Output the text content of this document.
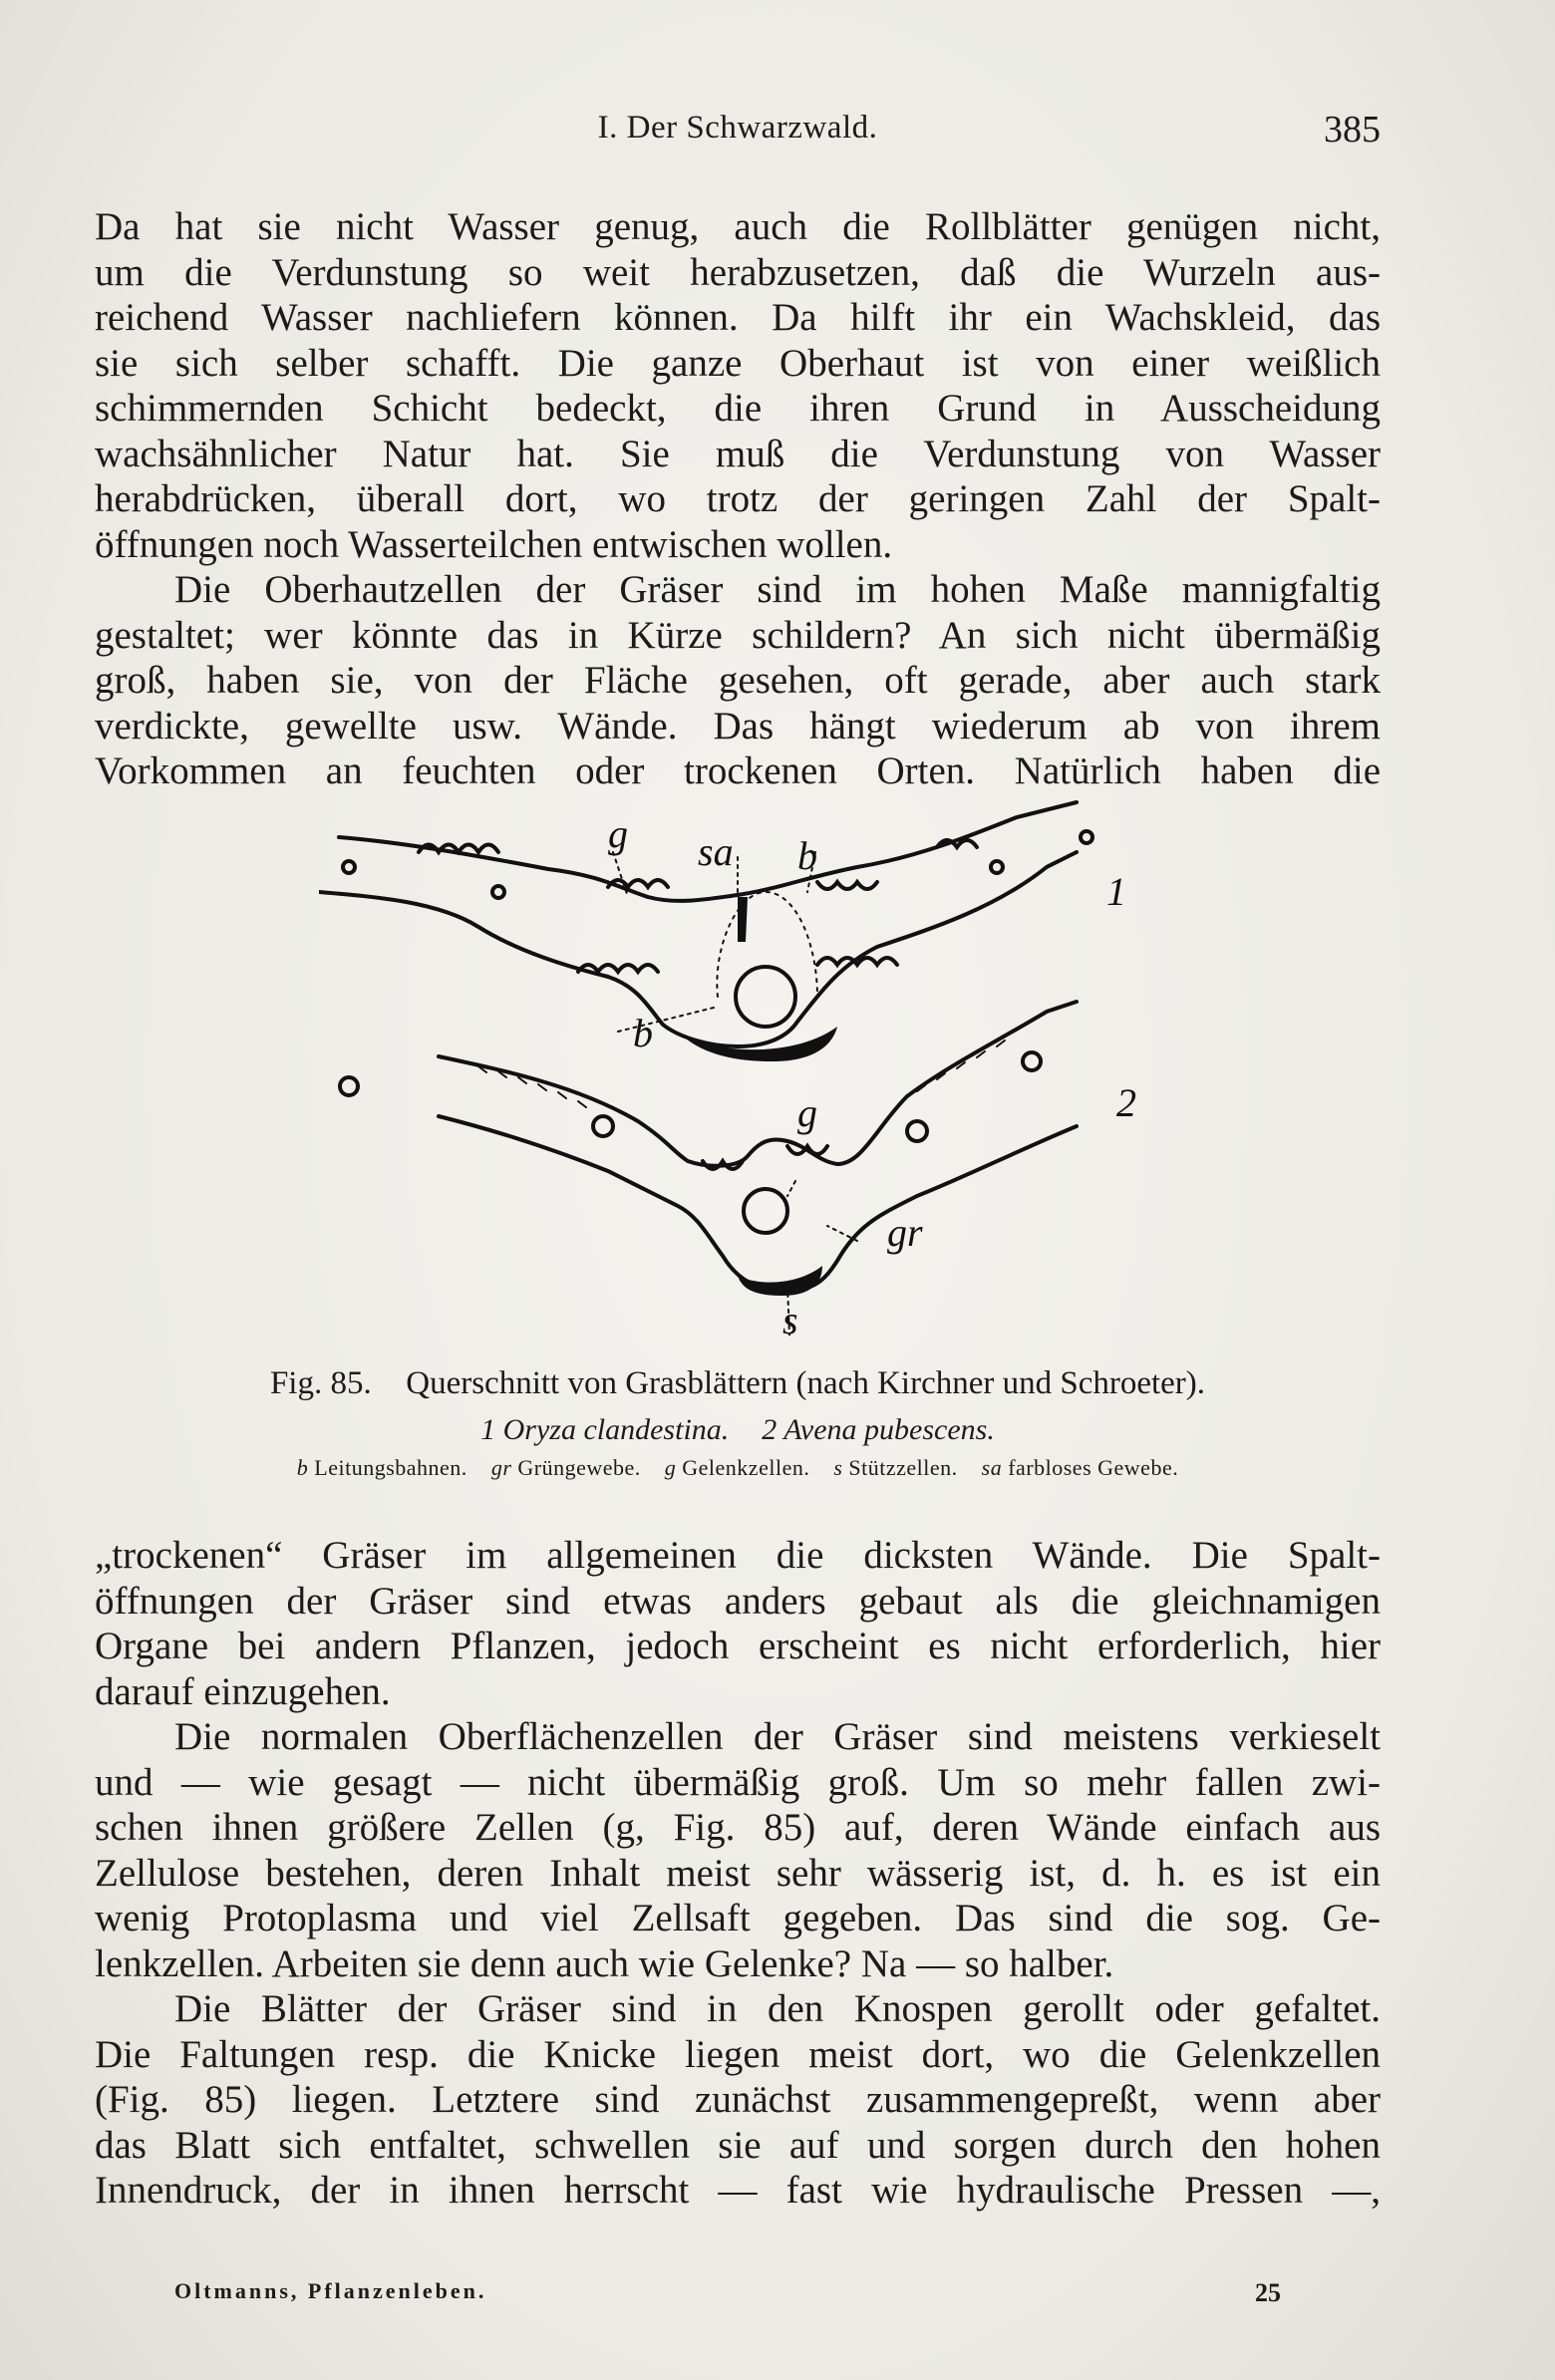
I. Der Schwarzwald.	385

Da hat sie nicht Wasser genug, auch die Rollblätter genügen nicht,
um die Verdunstung so weit herabzusetzen, daß die Wurzeln aus-
reichend Wasser nachliefern können. Da hilft ihr ein Wachskleid, das
sie sich selber schafft. Die ganze Oberhaut ist von einer weißlich
schimmernden Schicht bedeckt, die ihren Grund in Ausscheidung
wachsähnlicher Natur hat. Sie muß die Verdunstung von Wasser
herabdrücken, überall dort, wo trotz der geringen Zahl der Spalt-
öffnungen noch Wasserteilchen entwischen wollen.

Die Oberhautzellen der Gräser sind im hohen Maße mannigfaltig
gestaltet; wer könnte das in Kürze schildern? An sich nicht übermäßig
groß, haben sie, von der Fläche gesehen, oft gerade, aber auch stark
verdickte, gewellte usw. Wände. Das hängt wiederum ab von ihrem
Vorkommen an feuchten oder trockenen Orten. Natürlich haben die

g sa b
1
b
g	2
gr
s
Fig. 85. Querschnitt von Grasblättern (nach Kirchner und Schroeter).
1 Oryza clandestina. 2 Avena pubescens.
b Leitungsbahnen. gr Grüngewebe. g Gelenkzellen. s Stützzellen. sa farbloses Gewebe.

„trockenen“ Gräser im allgemeinen die dicksten Wände. Die Spalt-
öffnungen der Gräser sind etwas anders gebaut als die gleichnamigen
Organe bei andern Pflanzen, jedoch erscheint es nicht erforderlich, hier
darauf einzugehen.

Die normalen Oberflächenzellen der Gräser sind meistens verkieselt
und — wie gesagt — nicht übermäßig groß. Um so mehr fallen zwi-
schen ihnen größere Zellen (g, Fig. 85) auf, deren Wände einfach aus
Zellulose bestehen, deren Inhalt meist sehr wässerig ist, d. h. es ist ein
wenig Protoplasma und viel Zellsaft gegeben. Das sind die sog. Ge-
lenkzellen. Arbeiten sie denn auch wie Gelenke? Na — so halber.

Die Blätter der Gräser sind in den Knospen gerollt oder gefaltet.
Die Faltungen resp. die Knicke liegen meist dort, wo die Gelenkzellen
(Fig. 85) liegen. Letztere sind zunächst zusammengepreßt, wenn aber
das Blatt sich entfaltet, schwellen sie auf und sorgen durch den hohen
Innendruck, der in ihnen herrscht — fast wie hydraulische Pressen —,

Oltmanns, Pflanzenleben.	25
